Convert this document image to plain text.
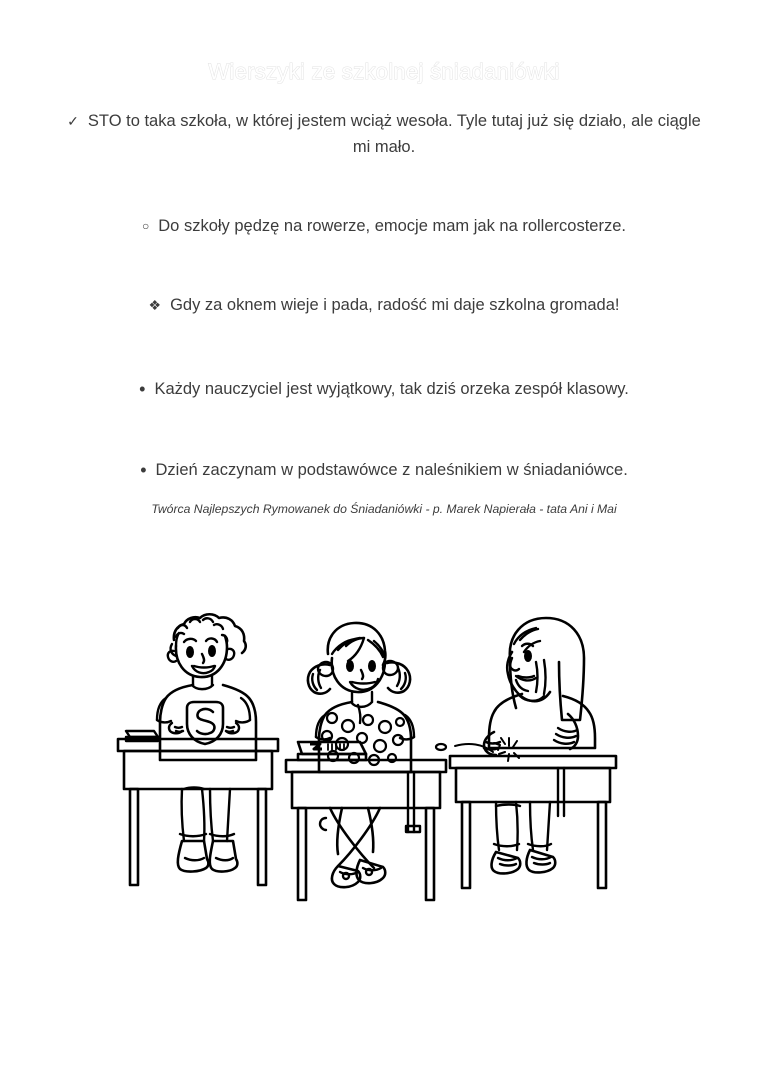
Wierszyki ze szkolnej śniadaniówki
✓ STO to taka szkoła, w której jestem wciąż wesoła. Tyle tutaj już się działo, ale ciągle mi mało.
○ Do szkoły pędzę na rowerze, emocje mam jak na rollercosterze.
❖ Gdy za oknem wieje i pada, radość mi daje szkolna gromada!
• Każdy nauczyciel jest wyjątkowy, tak dziś orzeka zespół klasowy.
• Dzień zaczynam w podstawówce z naleśnikiem w śniadaniówce.
Twórca Najlepszych Rymowanek do Śniadaniówki - p. Marek Napierała - tata Ani i Mai
